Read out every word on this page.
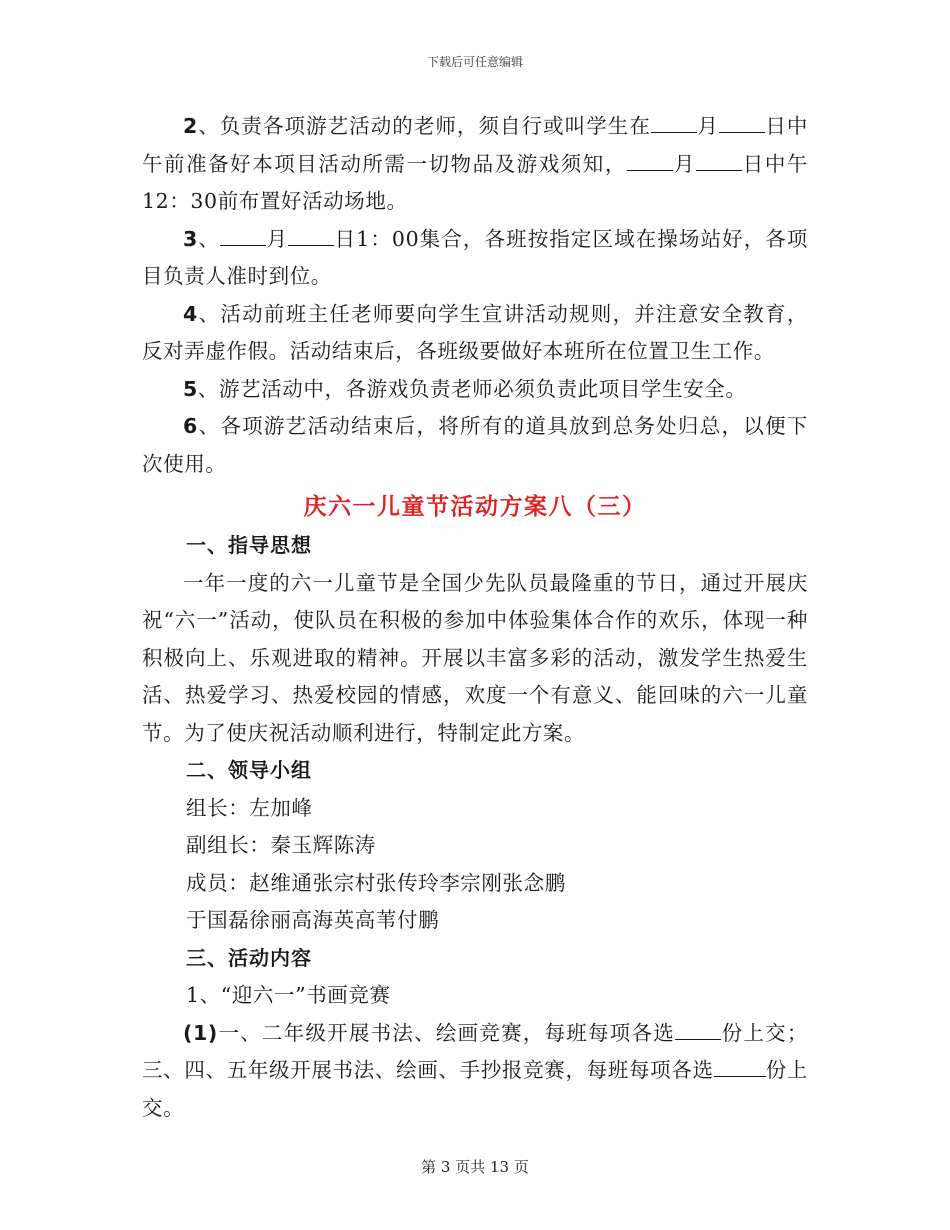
下载后可任意编辑

2、负责各项游艺活动的老师，须自行或叫学生在 月 日中午前准备好本项目活动所需一切物品及游戏须知， 月 日中午12：30前布置好活动场地。

3、 月 日1：00集合，各班按指定区域在操场站好，各项目负责人准时到位。

4、活动前班主任老师要向学生宣讲活动规则，并注意安全教育，反对弄虚作假。活动结束后，各班级要做好本班所在位置卫生工作。

5、游艺活动中，各游戏负责老师必须负责此项目学生安全。

6、各项游艺活动结束后，将所有的道具放到总务处归总，以便下次使用。

庆六一儿童节活动方案八（三）

一、指导思想

一年一度的六一儿童节是全国少先队员最隆重的节日，通过开展庆祝“六一”活动，使队员在积极的参加中体验集体合作的欢乐，体现一种积极向上、乐观进取的精神。开展以丰富多彩的活动，激发学生热爱生活、热爱学习、热爱校园的情感，欢度一个有意义、能回味的六一儿童节。为了使庆祝活动顺利进行，特制定此方案。

二、领导小组

组长：左加峰

副组长：秦玉辉陈涛

成员：赵维通张宗村张传玲李宗刚张念鹏

于国磊徐丽高海英高苇付鹏

三、活动内容

1、“迎六一”书画竞赛

(1)一、二年级开展书法、绘画竞赛，每班每项各选 份上交；三、四、五年级开展书法、绘画、手抄报竞赛，每班每项各选	份上交。

第 3 页共 13 页
